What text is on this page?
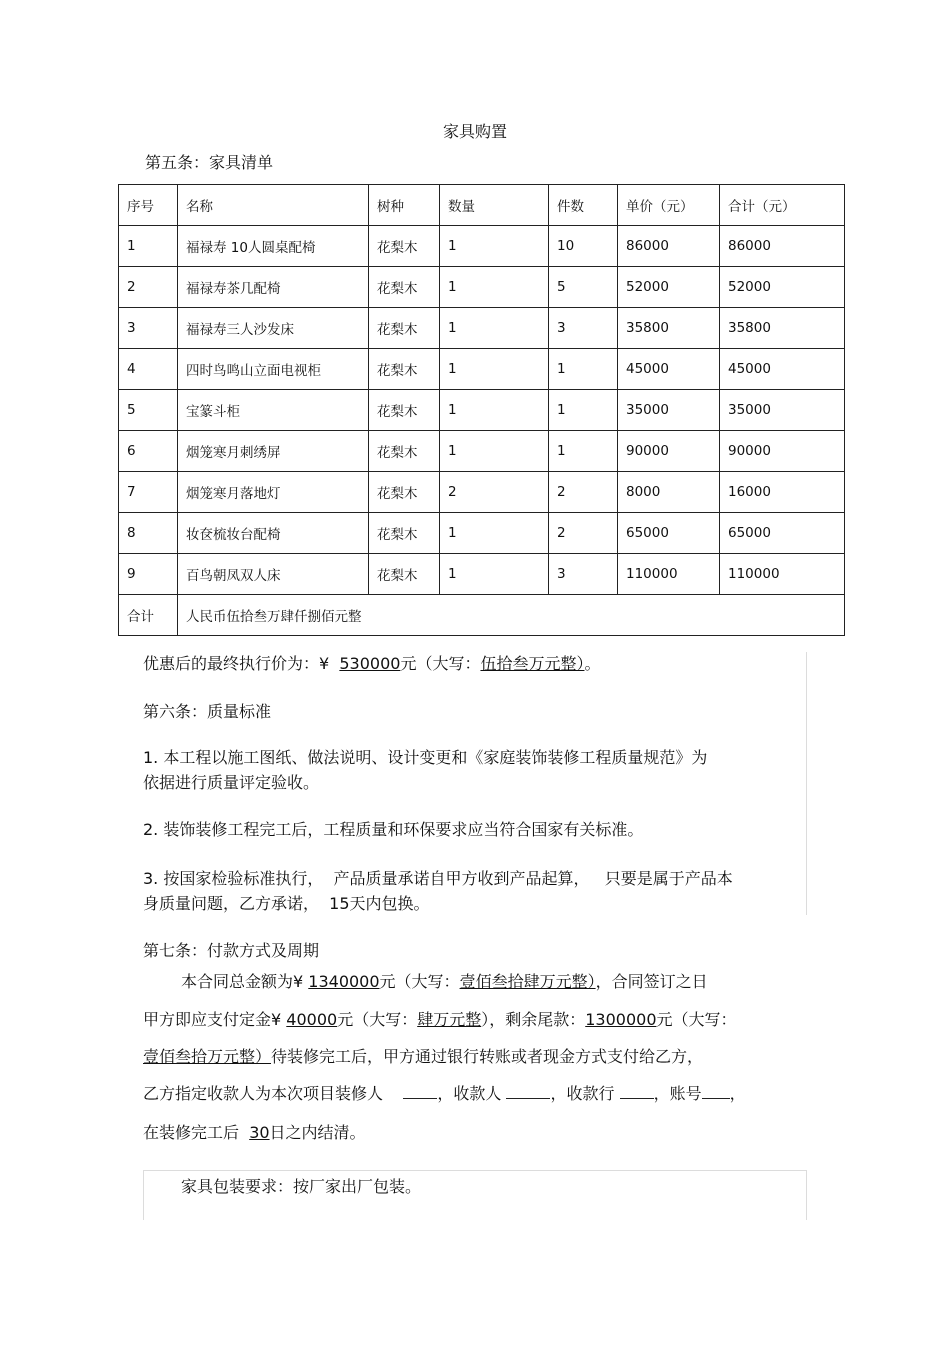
家具购置
第五条：家具清单
序号	名称	树种	数量	件数	单价（元）	合计（元）
1	福禄寿 10人圆桌配椅	花梨木	1	10	86000	86000
2	福禄寿茶几配椅	花梨木	1	5	52000	52000
3	福禄寿三人沙发床	花梨木	1	3	35800	35800
4	四时鸟鸣山立面电视柜	花梨木	1	1	45000	45000
5	宝篆斗柜	花梨木	1	1	35000	35000
6	烟笼寒月刺绣屏	花梨木	1	1	90000	90000
7	烟笼寒月落地灯	花梨木	2	2	8000	16000
8	妆奁梳妆台配椅	花梨木	1	2	65000	65000
9	百鸟朝凤双人床	花梨木	1	3	110000	110000
合计	人民币伍拾叁万肆仟捌佰元整					
优惠后的最终执行价为：¥ 530000元（大写：伍拾叁万元整）。
第六条：质量标准
1. 本工程以施工图纸、做法说明、设计变更和《家庭装饰装修工程质量规范》为
依据进行质量评定验收。
2. 装饰装修工程完工后，工程质量和环保要求应当符合国家有关标准。
3. 按国家检验标准执行，  产品质量承诺自甲方收到产品起算，   只要是属于产品本
身质量问题，乙方承诺，  15天内包换。
第七条：付款方式及周期
本合同总金额为¥ 1340000元（大写：壹佰叁拾肆万元整），合同签订之日
甲方即应支付定金¥ 40000元（大写：肆万元整），剩余尾款：1300000元（大写：
壹佰叁拾万元整）待装修完工后，甲方通过银行转账或者现金方式支付给乙方，
乙方指定收款人为本次项目装修人	，收款人	，收款行 ，账号 ，
在装修完工后 30日之内结清。
家具包装要求：按厂家出厂包装。
